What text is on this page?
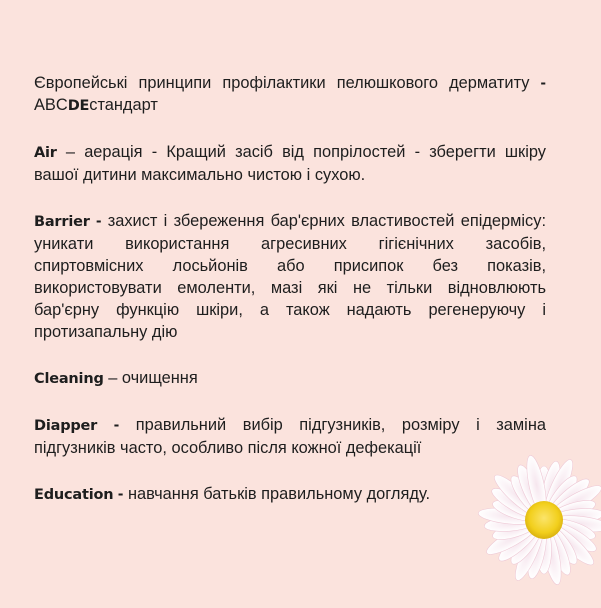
Європейські принципи профілактики пелюшкового дерматиту - ABCDEстандарт

Air – аерація - Кращий засіб від попрілостей - зберегти шкіру вашої дитини максимально чистою і сухою.

Barrier - захист і збереження бар'єрних властивостей епідермісу: уникати використання агресивних гігієнічних засобів, спиртовмісних лосьйонів або присипок без показів, використовувати емоленти, мазі які не тільки відновлюють бар'єрну функцію шкіри, а також надають регенеруючу і протизапальну дію

Cleaning – очищення

Diapper - правильний вибір підгузників, розміру і заміна підгузників часто, особливо після кожної дефекації

Education - навчання батьків правильному догляду.
